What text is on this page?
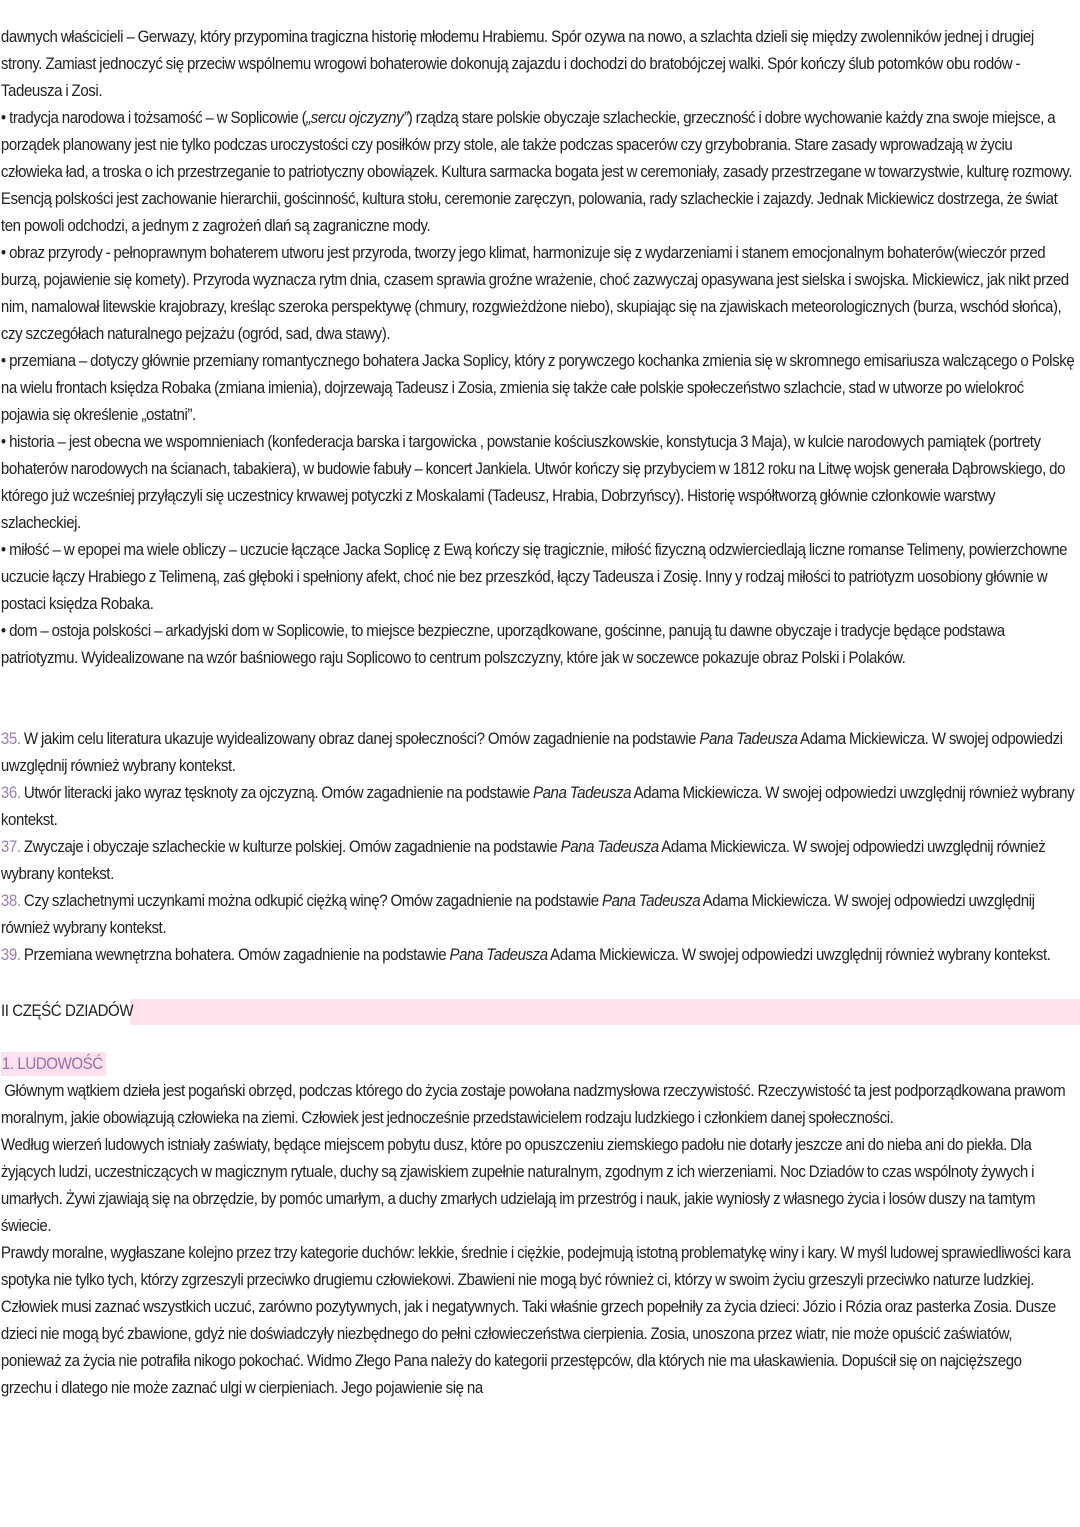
dawnych właścicieli – Gerwazy, który przypomina tragiczna historię młodemu Hrabiemu. Spór ozywa na nowo, a szlachta dzieli się między zwolenników jednej i drugiej strony. Zamiast jednoczyć się przeciw wspólnemu wrogowi bohaterowie dokonują zajazdu i dochodzi do bratobójczej walki. Spór kończy ślub potomków obu rodów - Tadeusza i Zosi.

• tradycja narodowa i tożsamość – w Soplicowie („sercu ojczyzny”) rządzą stare polskie obyczaje szlacheckie, grzeczność i dobre wychowanie każdy zna swoje miejsce, a porządek planowany jest nie tylko podczas uroczystości czy posiłków przy stole, ale także podczas spacerów czy grzybobrania. Stare zasady wprowadzają w życiu człowieka ład, a troska o ich przestrzeganie to patriotyczny obowiązek. Kultura sarmacka bogata jest w ceremoniały, zasady przestrzegane w towarzystwie, kulturę rozmowy. Esencją polskości jest zachowanie hierarchii, gościnność, kultura stołu, ceremonie zaręczyn, polowania, rady szlacheckie i zajazdy. Jednak Mickiewicz dostrzega, że świat ten powoli odchodzi, a jednym z zagrożeń dlań są zagraniczne mody.

• obraz przyrody - pełnoprawnym bohaterem utworu jest przyroda, tworzy jego klimat, harmonizuje się z wydarzeniami i stanem emocjonalnym bohaterów(wieczór przed burzą, pojawienie się komety). Przyroda wyznacza rytm dnia, czasem sprawia groźne wrażenie, choć zazwyczaj opasywana jest sielska i swojska. Mickiewicz, jak nikt przed nim, namalował litewskie krajobrazy, kreśląc szeroka perspektywę (chmury, rozgwieżdżone niebo), skupiając się na zjawiskach meteorologicznych (burza, wschód słońca), czy szczegółach naturalnego pejzażu (ogród, sad, dwa stawy).

• przemiana – dotyczy głównie przemiany romantycznego bohatera Jacka Soplicy, który z porywczego kochanka zmienia się w skromnego emisariusza walczącego o Polskę na wielu frontach księdza Robaka (zmiana imienia), dojrzewają Tadeusz i Zosia, zmienia się także całe polskie społeczeństwo szlachcie, stad w utworze po wielokroć pojawia się określenie „ostatni”.

• historia – jest obecna we wspomnieniach (konfederacja barska i targowicka , powstanie kościuszkowskie, konstytucja 3 Maja), w kulcie narodowych pamiątek (portrety bohaterów narodowych na ścianach, tabakiera), w budowie fabuły – koncert Jankiela. Utwór kończy się przybyciem w 1812 roku na Litwę wojsk generała Dąbrowskiego, do którego już wcześniej przyłączyli się uczestnicy krwawej potyczki z Moskalami (Tadeusz, Hrabia, Dobrzyńscy). Historię współtworzą głównie członkowie warstwy szlacheckiej.

• miłość – w epopei ma wiele obliczy – uczucie łączące Jacka Soplicę z Ewą kończy się tragicznie, miłość fizyczną odzwierciedlają liczne romanse Telimeny, powierzchowne uczucie łączy Hrabiego z Telimeną, zaś głęboki i spełniony afekt, choć nie bez przeszkód, łączy Tadeusza i Zosię. Inny y rodzaj miłości to patriotyzm uosobiony głównie w postaci księdza Robaka.

• dom – ostoja polskości – arkadyjski dom w Soplicowie, to miejsce bezpieczne, uporządkowane, gościnne, panują tu dawne obyczaje i tradycje będące podstawa patriotyzmu. Wyidealizowane na wzór baśniowego raju Soplicowo to centrum polszczyzny, które jak w soczewce pokazuje obraz Polski i Polaków.

35. W jakim celu literatura ukazuje wyidealizowany obraz danej społeczności? Omów zagadnienie na podstawie Pana Tadeusza Adama Mickiewicza. W swojej odpowiedzi uwzględnij również wybrany kontekst.

36. Utwór literacki jako wyraz tęsknoty za ojczyzną. Omów zagadnienie na podstawie Pana Tadeusza Adama Mickiewicza. W swojej odpowiedzi uwzględnij również wybrany kontekst.

37. Zwyczaje i obyczaje szlacheckie w kulturze polskiej. Omów zagadnienie na podstawie Pana Tadeusza Adama Mickiewicza. W swojej odpowiedzi uwzględnij również wybrany kontekst.

38. Czy szlachetnymi uczynkami można odkupić ciężką winę? Omów zagadnienie na podstawie Pana Tadeusza Adama Mickiewicza. W swojej odpowiedzi uwzględnij również wybrany kontekst.

39. Przemiana wewnętrzna bohatera. Omów zagadnienie na podstawie Pana Tadeusza Adama Mickiewicza. W swojej odpowiedzi uwzględnij również wybrany kontekst.

II CZĘŚĆ DZIADÓW
1. LUDOWOŚĆ

Głównym wątkiem dzieła jest pogański obrzęd, podczas którego do życia zostaje powołana nadzmysłowa rzeczywistość. Rzeczywistość ta jest podporządkowana prawom moralnym, jakie obowiązują człowieka na ziemi. Człowiek jest jednocześnie przedstawicielem rodzaju ludzkiego i członkiem danej społeczności.

Według wierzeń ludowych istniały zaświaty, będące miejscem pobytu dusz, które po opuszczeniu ziemskiego padołu nie dotarły jeszcze ani do nieba ani do piekła. Dla żyjących ludzi, uczestniczących w magicznym rytuale, duchy są zjawiskiem zupełnie naturalnym, zgodnym z ich wierzeniami. Noc Dziadów to czas wspólnoty żywych i umarłych. Żywi zjawiają się na obrzędzie, by pomóc umarłym, a duchy zmarłych udzielają im przestróg i nauk, jakie wyniosły z własnego życia i losów duszy na tamtym świecie.

Prawdy moralne, wygłaszane kolejno przez trzy kategorie duchów: lekkie, średnie i ciężkie, podejmują istotną problematykę winy i kary. W myśl ludowej sprawiedliwości kara spotyka nie tylko tych, którzy zgrzeszyli przeciwko drugiemu człowiekowi. Zbawieni nie mogą być również ci, którzy w swoim życiu grzeszyli przeciwko naturze ludzkiej. Człowiek musi zaznać wszystkich uczuć, zarówno pozytywnych, jak i negatywnych. Taki właśnie grzech popełniły za życia dzieci: Józio i Rózia oraz pasterka Zosia. Dusze dzieci nie mogą być zbawione, gdyż nie doświadczyły niezbędnego do pełni człowieczeństwa cierpienia. Zosia, unoszona przez wiatr, nie może opuścić zaświatów, ponieważ za życia nie potrafiła nikogo pokochać. Widmo Złego Pana należy do kategorii przestępców, dla których nie ma ułaskawienia. Dopuścił się on najcięższego grzechu i dlatego nie może zaznać ulgi w cierpieniach. Jego pojawienie się na
